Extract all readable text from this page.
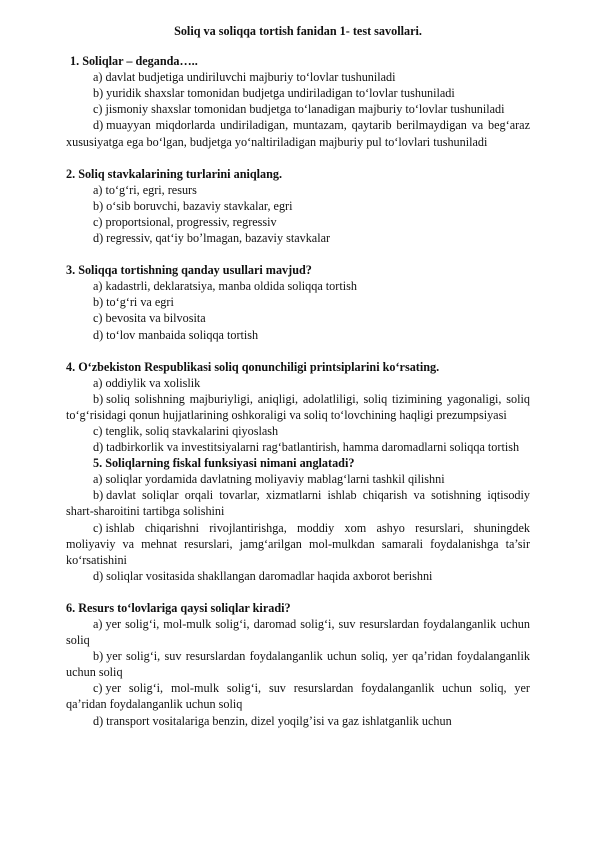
Soliq va soliqqa tortish fanidan 1- test savollari.

1. Soliqlar – deganda…..

a) davlat budjetiga undiriluvchi majburiy to‘lovlar tushuniladi

b) yuridik shaxslar tomonidan budjetga undiriladigan to‘lovlar tushuniladi

c) jismoniy shaxslar tomonidan budjetga to‘lanadigan majburiy to‘lovlar tushuniladi

d) muayyan miqdorlarda undiriladigan, muntazam, qaytarib berilmaydigan va beg‘araz xususiyatga ega bo‘lgan, budjetga yo‘naltiriladigan majburiy pul to‘lovlari tushuniladi

2. Soliq stavkalarining turlarini aniqlang.

a) to‘g‘ri, egri, resurs

b) o‘sib boruvchi, bazaviy stavkalar, egri

c) proportsional, progressiv, regressiv

d) regressiv, qat‘iy bo’lmagan, bazaviy stavkalar

3. Soliqqa tortishning qanday usullari mavjud?

a) kadastrli, deklaratsiya, manba oldida soliqqa tortish

b) to‘g‘ri va egri

c) bevosita va bilvosita

d) to‘lov manbaida soliqqa tortish

4. O‘zbekiston Respublikasi soliq qonunchiligi printsiplarini ko‘rsating.

a) oddiylik va xolislik

b) soliq solishning majburiyligi, aniqligi, adolatliligi, soliq tizimining yagonaligi, soliq to‘g‘risidagi qonun hujjatlarining oshkoraligi va soliq to‘lovchining haqligi prezumpsiyasi

c) tenglik, soliq stavkalarini qiyoslash

d) tadbirkorlik va investitsiyalarni rag‘batlantirish, hamma daromadlarni soliqqa tortish

5. Soliqlarning fiskal funksiyasi nimani anglatadi?

a) soliqlar yordamida davlatning moliyaviy mablag‘larni tashkil qilishni

b) davlat soliqlar orqali tovarlar, xizmatlarni ishlab chiqarish va sotishning iqtisodiy shart-sharoitini tartibga solishini

c) ishlab chiqarishni rivojlantirishga, moddiy xom ashyo resurslari, shuningdek moliyaviy va mehnat resurslari, jamg‘arilgan mol-mulkdan samarali foydalanishga ta’sir ko‘rsatishini

d) soliqlar vositasida shakllangan daromadlar haqida axborot berishni

6. Resurs to‘lovlariga qaysi soliqlar kiradi?

a) yer solig‘i, mol-mulk solig‘i, daromad solig‘i, suv resurslardan foydalanganlik uchun soliq

b) yer solig‘i, suv resurslardan foydalanganlik uchun soliq, yer qa’ridan foydalanganlik uchun soliq

c) yer solig‘i, mol-mulk solig‘i, suv resurslardan foydalanganlik uchun soliq, yer qa’ridan foydalanganlik uchun soliq

d) transport vositalariga benzin, dizel yoqilg’isi va gaz ishlatganlik uchun
